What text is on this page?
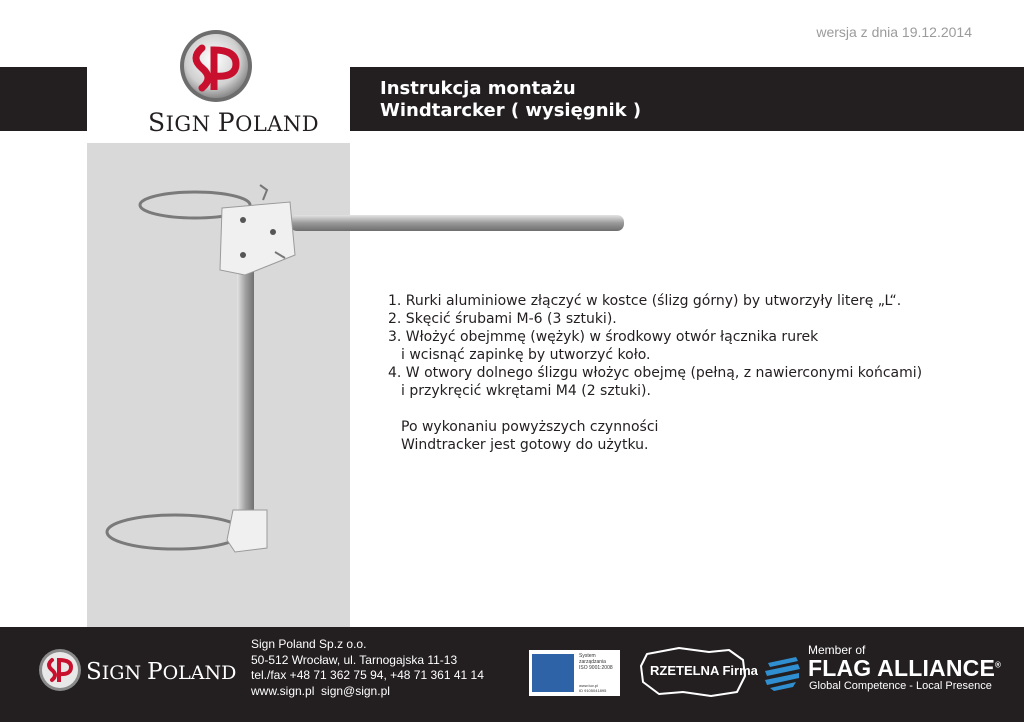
wersja z dnia 19.12.2014
Instrukcja montażu
Windtarcker ( wysięgnik )
SIGN POLAND
1. Rurki aluminiowe złączyć w kostce (ślizg górny) by utworzyły literę „L“.
2. Skęcić śrubami M-6 (3 sztuki).
3. Włożyć obejmmę (wężyk) w środkowy otwór łącznika rurek
i wcisnąć zapinkę by utworzyć koło.
4. W otwory dolnego ślizgu włożyc obejmę (pełną, z nawierconymi końcami)
i przykręcić wkrętami M4 (2 sztuki).
Po wykonaniu powyższych czynności
Windtracker jest gotowy do użytku.
SIGN POLAND
Sign Poland Sp.z o.o.
50-512 Wrocław, ul. Tarnogajska 11-13
tel./fax +48 71 362 75 94, +48 71 361 41 14
www.sign.pl  sign@sign.pl
System
zarządzania
ISO 9001:2008
www.tuv.pl
ID 9105041895
RZETELNA Firma
Member of
FLAG ALLIANCE®
Global Competence - Local Presence
